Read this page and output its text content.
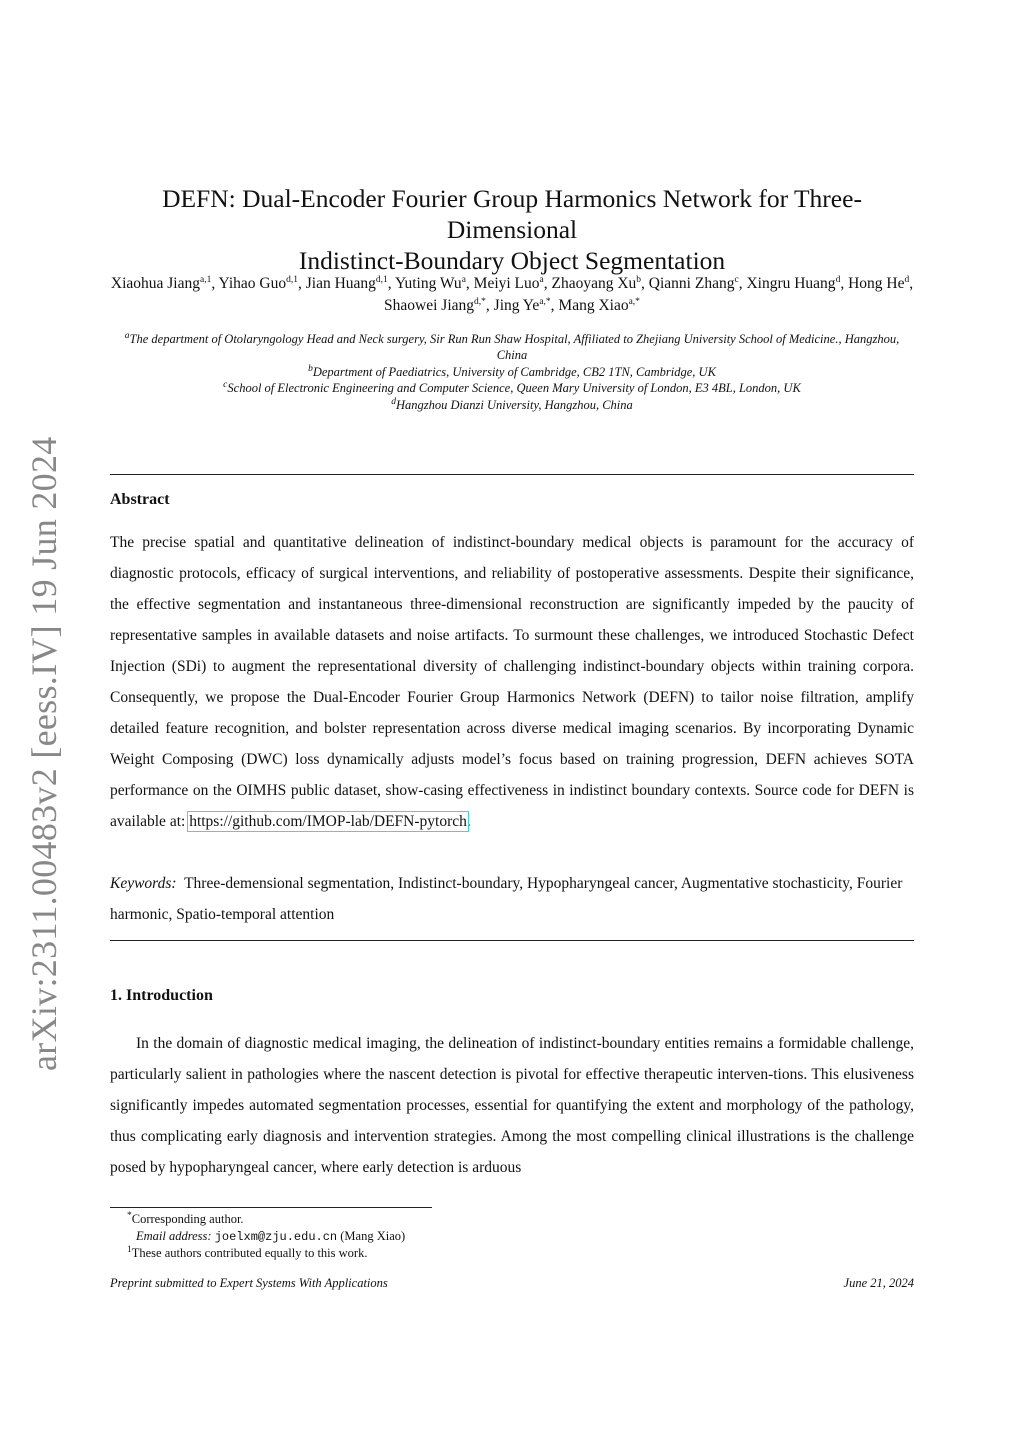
arXiv:2311.00483v2 [eess.IV] 19 Jun 2024
DEFN: Dual-Encoder Fourier Group Harmonics Network for Three-Dimensional
Indistinct-Boundary Object Segmentation
Xiaohua Jiang$^{a,1}$, Yihao Guo$^{d,1}$, Jian Huang$^{d,1}$, Yuting Wu$^a$, Meiyi Luo$^a$, Zhaoyang Xu$^b$, Qianni Zhang$^c$, Xingru Huang$^d$, Hong He$^d$, Shaowei Jiang$^{d,*}$, Jing $Ye^{a,*}$, Mang Xiao$^{a,*}$
$^a$The department of Otolaryngology Head and Neck surgery, Sir Run Run Shaw Hospital, Affiliated to Zhejiang University School of Medicine., Hangzhou, China
$^b$Department of Paediatrics, University of Cambridge, CB2 1TN, Cambridge, UK
$^c$School of Electronic Engineering and Computer Science, Queen Mary University of London, E3 4BL, London, UK
$^d$Hangzhou Dianzi University, Hangzhou, China
Abstract
The precise spatial and quantitative delineation of indistinct-boundary medical objects is paramount for the accuracy of diagnostic protocols, efficacy of surgical interventions, and reliability of postoperative assessments. Despite their significance, the effective segmentation and instantaneous three-dimensional reconstruction are significantly impeded by the paucity of representative samples in available datasets and noise artifacts. To surmount these challenges, we introduced Stochastic Defect Injection (SDi) to augment the representational diversity of challenging indistinct-boundary objects within training corpora. Consequently, we propose the Dual-Encoder Fourier Group Harmonics Network (DEFN) to tailor noise filtration, amplify detailed feature recognition, and bolster representation across diverse medical imaging scenarios. By incorporating Dynamic Weight Composing (DWC) loss dynamically adjusts model’s focus based on training progression, DEFN achieves SOTA performance on the OIMHS public dataset, show-casing effectiveness in indistinct boundary contexts. Source code for DEFN is available at: https://github.com/IMOP-lab/DEFN-pytorch.
Keywords: Three-demensional segmentation, Indistinct-boundary, Hypopharyngeal cancer, Augmentative stochasticity, Fourier harmonic, Spatio-temporal attention
1. Introduction
In the domain of diagnostic medical imaging, the delineation of indistinct-boundary entities remains a formidable challenge, particularly salient in pathologies where the nascent detection is pivotal for effective therapeutic interven-tions. This elusiveness significantly impedes automated segmentation processes, essential for quantifying the extent and morphology of the pathology, thus complicating early diagnosis and intervention strategies. Among the most compelling clinical illustrations is the challenge posed by hypopharyngeal cancer, where early detection is arduous
*Corresponding author.
Email address: joelxm@zju.edu.cn (Mang Xiao)
$^1$These authors contributed equally to this work.
Preprint submitted to Expert Systems With Applications	June 21, 2024
